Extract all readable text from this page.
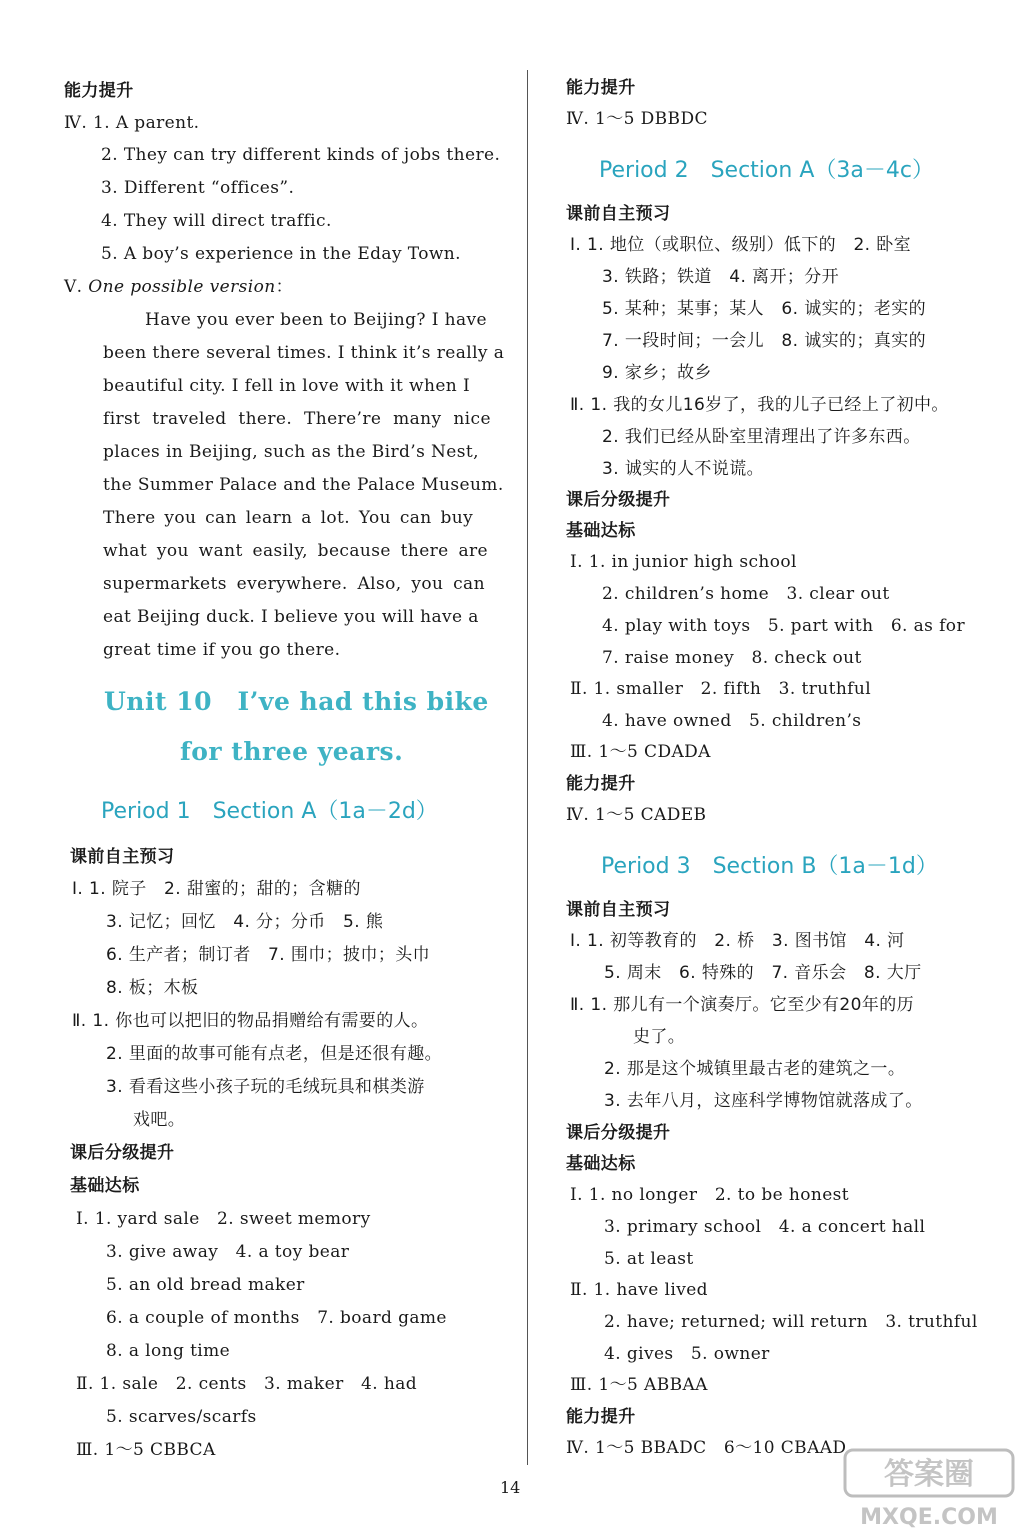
能力提升
Ⅳ. 1. A parent.
2. They can try different kinds of jobs there.
3. Different “offices”.
4. They will direct traffic.
5. A boy’s experience in the Eday Town.
Ⅴ. One possible version：
Have you ever been to Beijing? I have
been there several times. I think it’s really a
beautiful city. I fell in love with it when I
first traveled there. There’re many nice
places in Beijing, such as the Bird’s Nest,
the Summer Palace and the Palace Museum.
There you can learn a lot. You can buy
what you want easily, because there are
supermarkets everywhere. Also, you can
eat Beijing duck. I believe you will have a
great time if you go there.
Unit 10　I’ve had this bike
for three years.
Period 1　Section A（1a－2d）
课前自主预习
Ⅰ. 1. 院子　2. 甜蜜的；甜的；含糖的
3. 记忆；回忆　4. 分；分币　5. 熊
6. 生产者；制订者　7. 围巾；披巾；头巾
8. 板；木板
Ⅱ. 1. 你也可以把旧的物品捐赠给有需要的人。
2. 里面的故事可能有点老，但是还很有趣。
3. 看看这些小孩子玩的毛绒玩具和棋类游
戏吧。
课后分级提升
基础达标
Ⅰ. 1. yard sale　2. sweet memory
3. give away　4. a toy bear
5. an old bread maker
6. a couple of months　7. board game
8. a long time
Ⅱ. 1. sale　2. cents　3. maker　4. had
5. scarves/scarfs
Ⅲ. 1～5 CBBCA
能力提升
Ⅳ. 1～5 DBBDC
Period 2　Section A（3a－4c）
课前自主预习
Ⅰ. 1. 地位（或职位、级别）低下的　2. 卧室
3. 铁路；铁道　4. 离开；分开
5. 某种；某事；某人　6. 诚实的；老实的
7. 一段时间；一会儿　8. 诚实的；真实的
9. 家乡；故乡
Ⅱ. 1. 我的女儿16岁了，我的儿子已经上了初中。
2. 我们已经从卧室里清理出了许多东西。
3. 诚实的人不说谎。
课后分级提升
基础达标
Ⅰ. 1. in junior high school
2. children’s home　3. clear out
4. play with toys　5. part with　6. as for
7. raise money　8. check out
Ⅱ. 1. smaller　2. fifth　3. truthful
4. have owned　5. children’s
Ⅲ. 1～5 CDADA
能力提升
Ⅳ. 1～5 CADEB
Period 3　Section B（1a－1d）
课前自主预习
Ⅰ. 1. 初等教育的　2. 桥　3. 图书馆　4. 河
5. 周末　6. 特殊的　7. 音乐会　8. 大厅
Ⅱ. 1. 那儿有一个演奏厅。它至少有20年的历
史了。
2. 那是这个城镇里最古老的建筑之一。
3. 去年八月，这座科学博物馆就落成了。
课后分级提升
基础达标
Ⅰ. 1. no longer　2. to be honest
3. primary school　4. a concert hall
5. at least
Ⅱ. 1. have lived
2. have; returned; will return　3. truthful
4. gives　5. owner
Ⅲ. 1～5 ABBAA
能力提升
Ⅳ. 1～5 BBADC　6～10 CBAAD
14	答案圈
MXQE.COM
